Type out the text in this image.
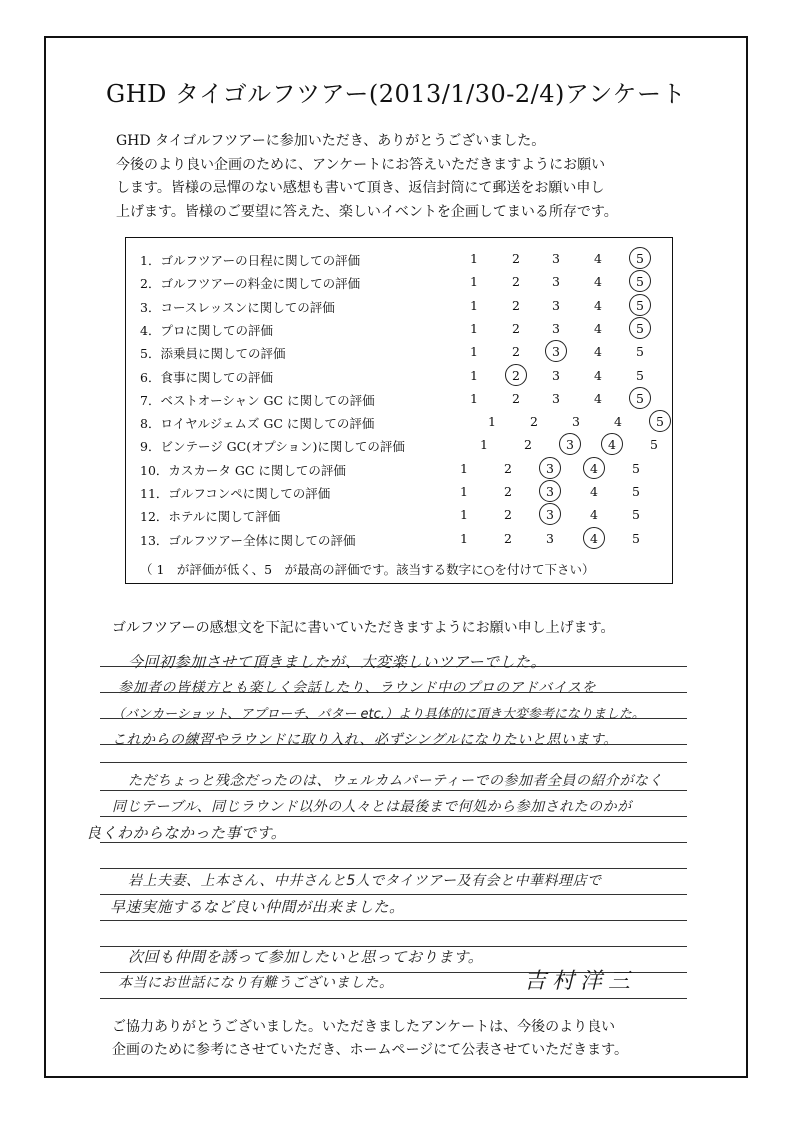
GHD タイゴルフツアー(2013/1/30-2/4)アンケート
GHD タイゴルフツアーに参加いただき、ありがとうございました。
今後のより良い企画のために、アンケートにお答えいただきますようにお願い
します。皆様の忌憚のない感想も書いて頂き、返信封筒にて郵送をお願い申し
上げます。皆様のご要望に答えた、楽しいイベントを企画してまいる所存です。
1．ゴルフツアーの日程に関しての評価	1	2	3	4	5
2．ゴルフツアーの料金に関しての評価	1	2	3	4	5
3．コースレッスンに関しての評価	1	2	3	4	5
4．プロに関しての評価	1	2	3	4	5
5．添乗員に関しての評価	1	2	3	4	5
6．食事に関しての評価	1	2	3	4	5
7．ベストオーシャン GC に関しての評価	1	2	3	4	5
8．ロイヤルジェムズ GC に関しての評価	1	2	3	4	5
9．ビンテージ GC(オプション)に関しての評価	1	2	3	4	5
10．カスカータ GC に関しての評価	1	2	3	4	5
11．ゴルフコンペに関しての評価	1	2	3	4	5
12．ホテルに関して評価	1	2	3	4	5
13．ゴルフツアー全体に関しての評価	1	2	3	4	5
（ 1　が評価が低く、5　が最高の評価です。該当する数字に○を付けて下さい）
ゴルフツアーの感想文を下記に書いていただきますようにお願い申し上げます。
今回初参加させて頂きましたが、大変楽しいツアーでした。
参加者の皆様方とも楽しく会話したり、ラウンド中のプロのアドバイスを
（バンカーショット、アプローチ、パター etc.）より具体的に頂き大変参考になりました。
これからの練習やラウンドに取り入れ、必ずシングルになりたいと思います。
ただちょっと残念だったのは、ウェルカムパーティーでの参加者全員の紹介がなく
同じテーブル、同じラウンド以外の人々とは最後まで何処から参加されたのかが
良くわからなかった事です。
岩上夫妻、上本さん、中井さんと5人でタイツアー及有会と中華料理店で
早速実施するなど良い仲間が出来ました。
次回も仲間を誘って参加したいと思っております。
本当にお世話になり有難うございました。	吉村洋三
ご協力ありがとうございました。いただきましたアンケートは、今後のより良い
企画のために参考にさせていただき、ホームページにて公表させていただきます。
